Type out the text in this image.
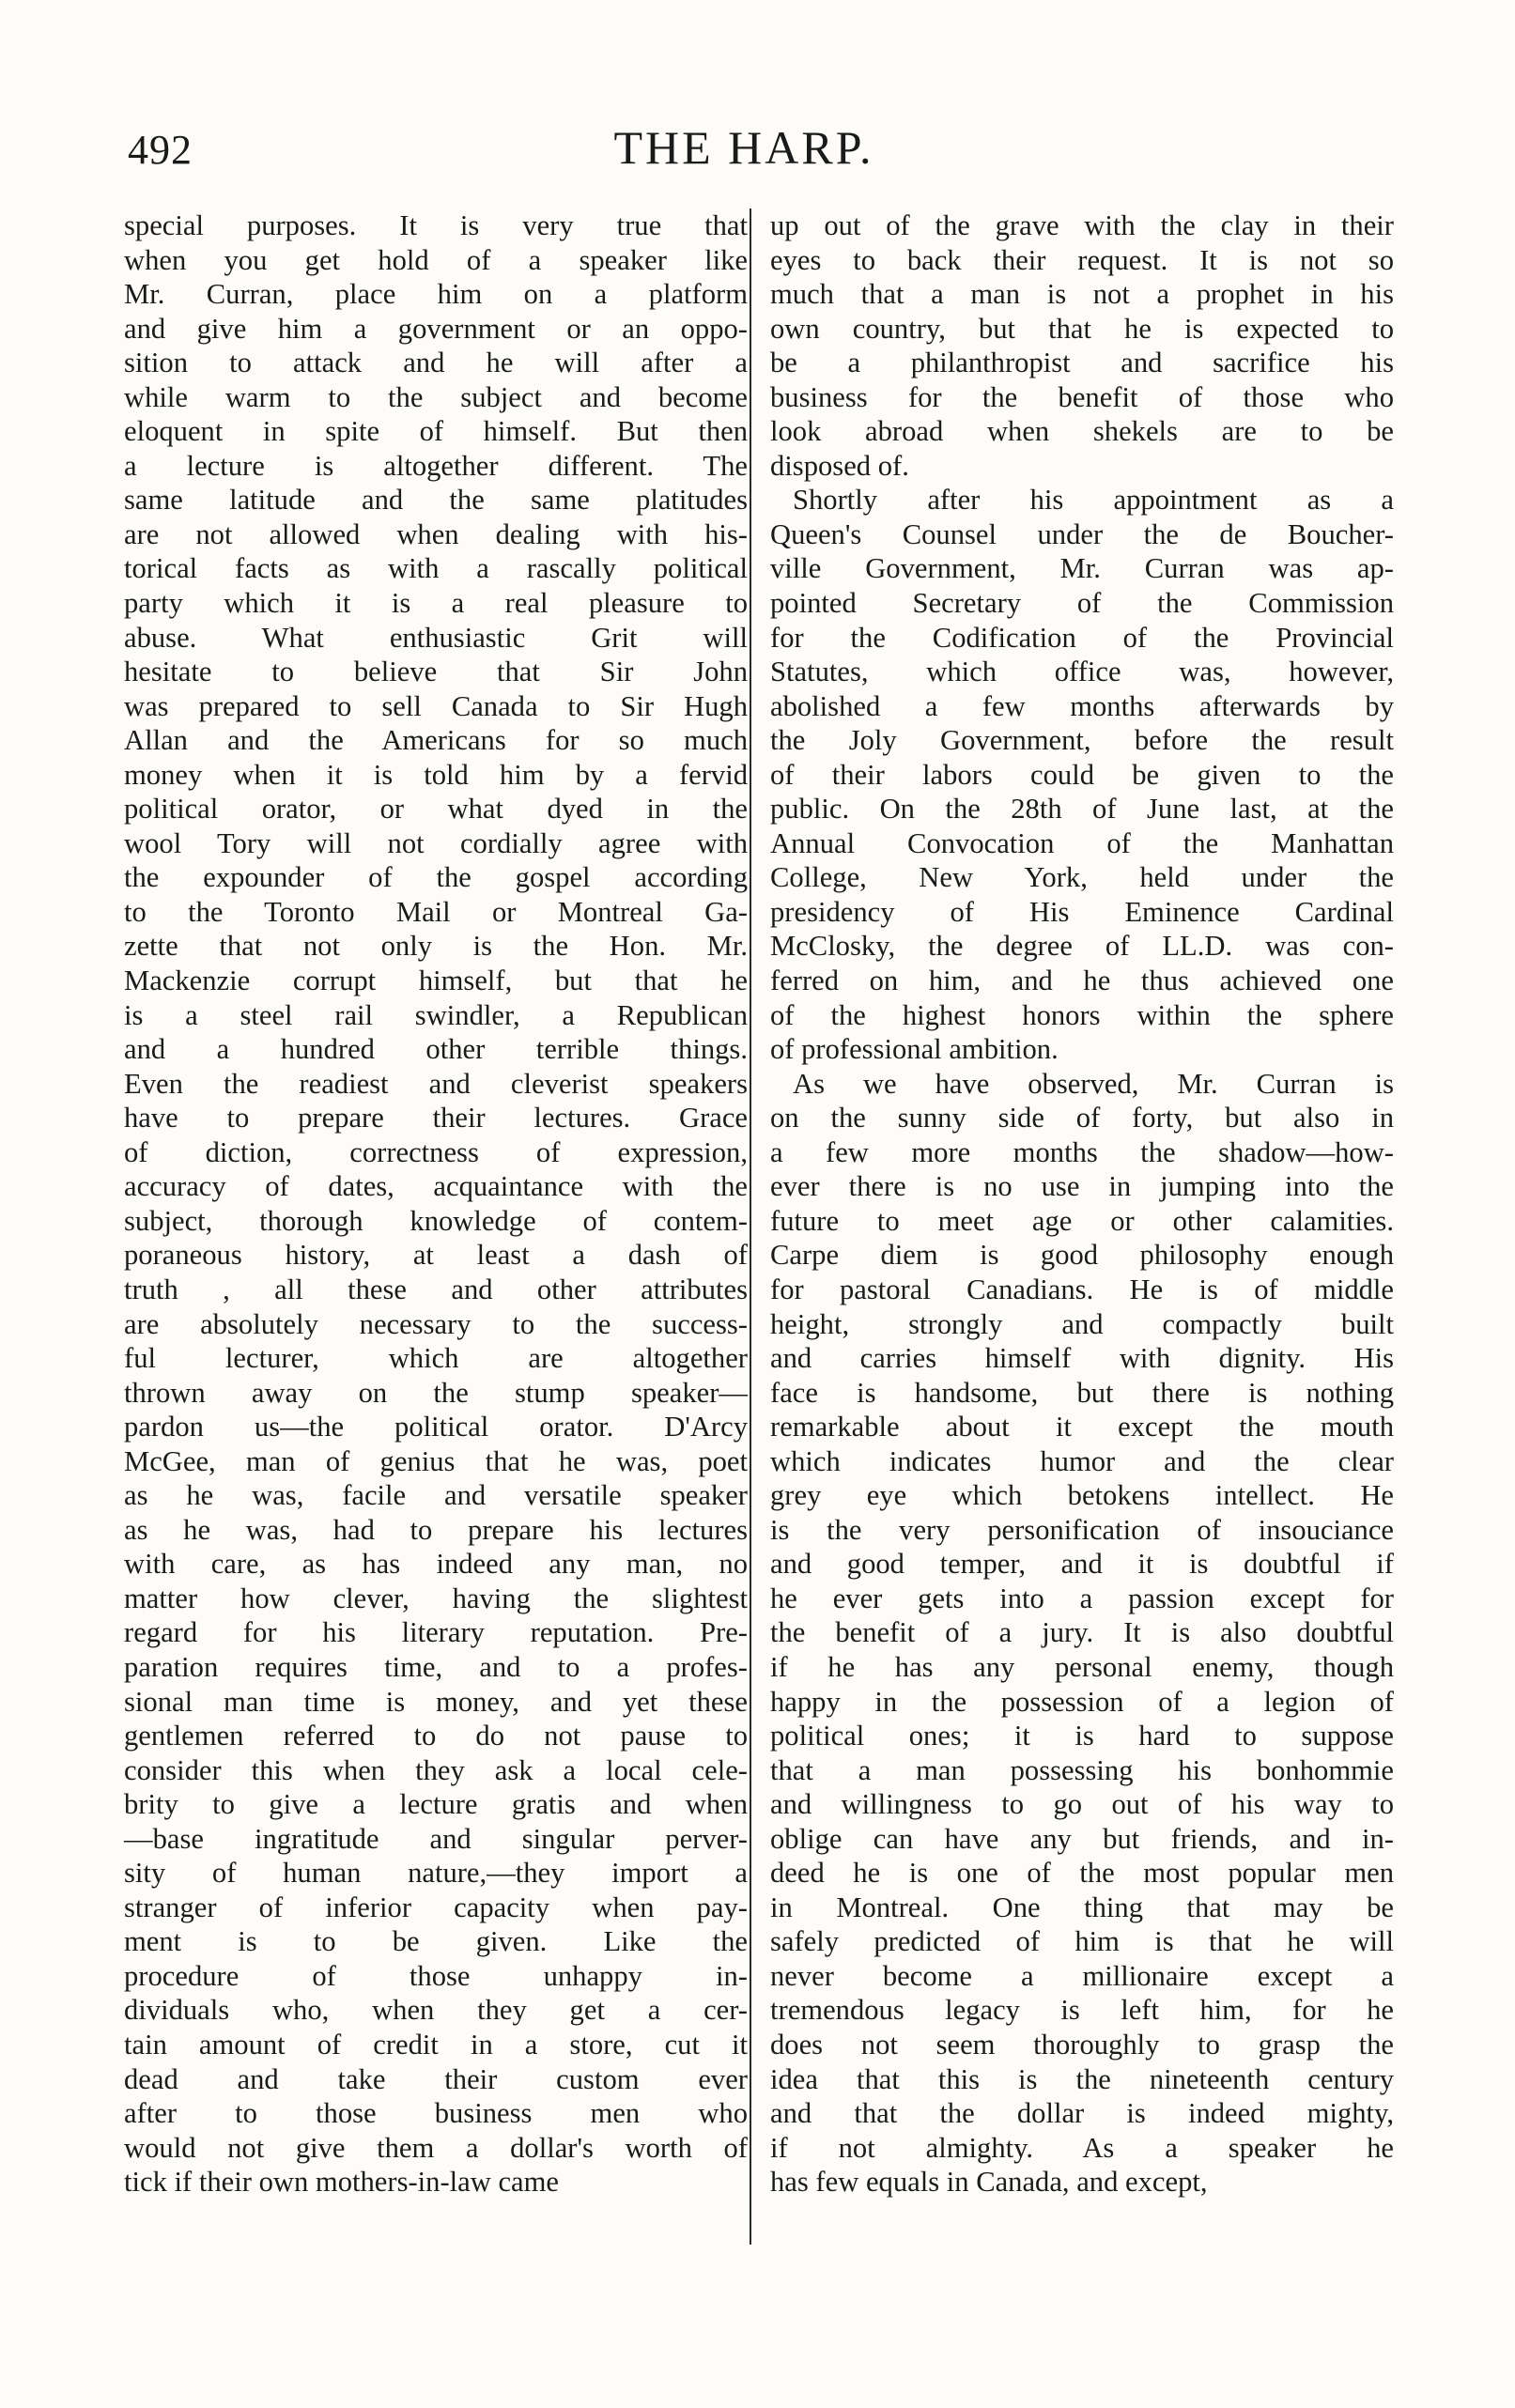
492	THE HARP.

special purposes. It is very true that

when you get hold of a speaker like

Mr. Curran, place him on a platform

and give him a government or an oppo-

sition to attack and he will after a

while warm to the subject and become

eloquent in spite of himself. But then

a lecture is altogether different. The

same latitude and the same platitudes

are not allowed when dealing with his-

torical facts as with a rascally political

party which it is a real pleasure to

abuse. What enthusiastic Grit will

hesitate to believe that Sir John

was prepared to sell Canada to Sir Hugh

Allan and the Americans for so much

money when it is told him by a fervid

political orator, or what dyed in the

wool Tory will not cordially agree with

the expounder of the gospel according

to the Toronto Mail or Montreal Ga-

zette that not only is the Hon. Mr.

Mackenzie corrupt himself, but that he

is a steel rail swindler, a Republican

and a hundred other terrible things.

Even the readiest and cleverist speakers

have to prepare their lectures. Grace

of diction, correctness of expression,

accuracy of dates, acquaintance with the

subject, thorough knowledge of contem-

poraneous history, at least a dash of

truth , all these and other attributes

are absolutely necessary to the success-

ful lecturer, which are altogether

thrown away on the stump speaker—

pardon us—the political orator. D'Arcy

McGee, man of genius that he was, poet

as he was, facile and versatile speaker

as he was, had to prepare his lectures

with care, as has indeed any man, no

matter how clever, having the slightest

regard for his literary reputation. Pre-

paration requires time, and to a profes-

sional man time is money, and yet these

gentlemen referred to do not pause to

consider this when they ask a local cele-

brity to give a lecture gratis and when

—base ingratitude and singular perver-

sity of human nature,—they import a

stranger of inferior capacity when pay-

ment is to be given. Like the

procedure of those unhappy in-

dividuals who, when they get a cer-

tain amount of credit in a store, cut it

dead and take their custom ever

after to those business men who

would not give them a dollar's worth of

tick if their own mothers-in-law came

up out of the grave with the clay in their

eyes to back their request. It is not so

much that a man is not a prophet in his

own country, but that he is expected to

be a philanthropist and sacrifice his

business for the benefit of those who

look abroad when shekels are to be

disposed of.

Shortly after his appointment as a

Queen's Counsel under the de Boucher-

ville Government, Mr. Curran was ap-

pointed Secretary of the Commission

for the Codification of the Provincial

Statutes, which office was, however,

abolished a few months afterwards by

the Joly Government, before the result

of their labors could be given to the

public. On the 28th of June last, at the

Annual Convocation of the Manhattan

College, New York, held under the

presidency of His Eminence Cardinal

McClosky, the degree of LL.D. was con-

ferred on him, and he thus achieved one

of the highest honors within the sphere

of professional ambition.

As we have observed, Mr. Curran is

on the sunny side of forty, but also in

a few more months the shadow—how-

ever there is no use in jumping into the

future to meet age or other calamities.

Carpe diem is good philosophy enough

for pastoral Canadians. He is of middle

height, strongly and compactly built

and carries himself with dignity. His

face is handsome, but there is nothing

remarkable about it except the mouth

which indicates humor and the clear

grey eye which betokens intellect. He

is the very personification of insouciance

and good temper, and it is doubtful if

he ever gets into a passion except for

the benefit of a jury. It is also doubtful

if he has any personal enemy, though

happy in the possession of a legion of

political ones; it is hard to suppose

that a man possessing his bonhommie

and willingness to go out of his way to

oblige can have any but friends, and in-

deed he is one of the most popular men

in Montreal. One thing that may be

safely predicted of him is that he will

never become a millionaire except a

tremendous legacy is left him, for he

does not seem thoroughly to grasp the

idea that this is the nineteenth century

and that the dollar is indeed mighty,

if not almighty. As a speaker he

has few equals in Canada, and except,
